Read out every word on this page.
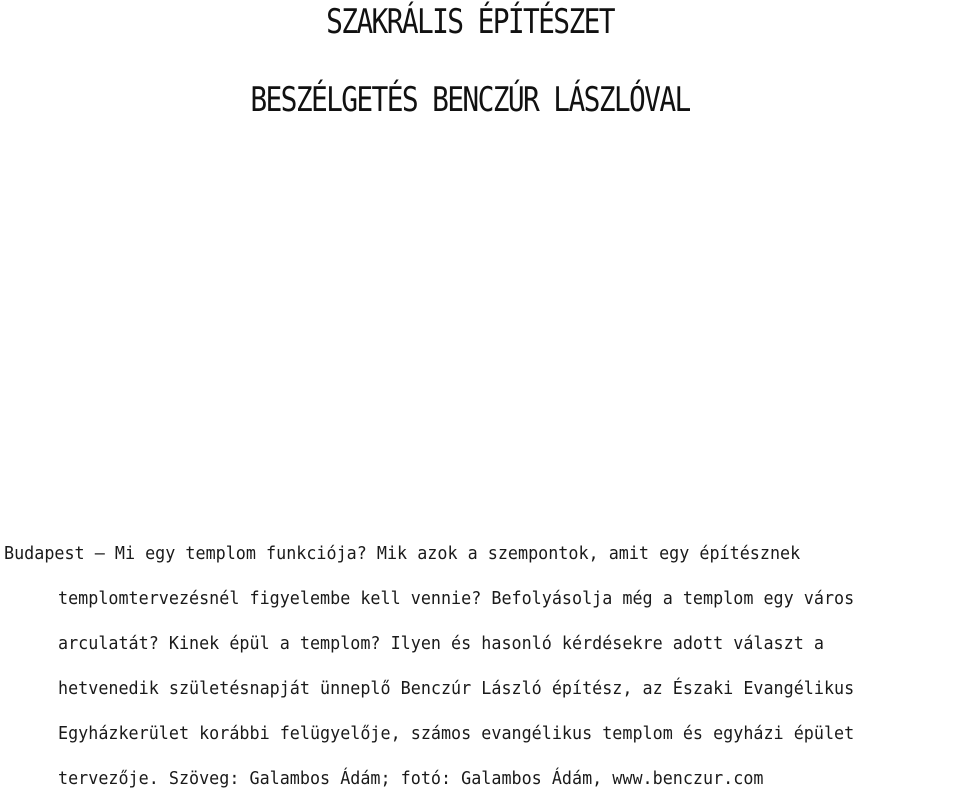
SZAKRÁLIS ÉPÍTÉSZET
BESZÉLGETÉS BENCZÚR LÁSZLÓVAL
Budapest – Mi egy templom funkciója? Mik azok a szempontok, amit egy építésznek
templomtervezésnél figyelembe kell vennie? Befolyásolja még a templom egy város
arculatát? Kinek épül a templom? Ilyen és hasonló kérdésekre adott választ a
hetvenedik születésnapját ünneplő Benczúr László építész, az Északi Evangélikus
Egyházkerület korábbi felügyelője, számos evangélikus templom és egyházi épület
tervezője. Szöveg: Galambos Ádám; fotó: Galambos Ádám, www.benczur.com
